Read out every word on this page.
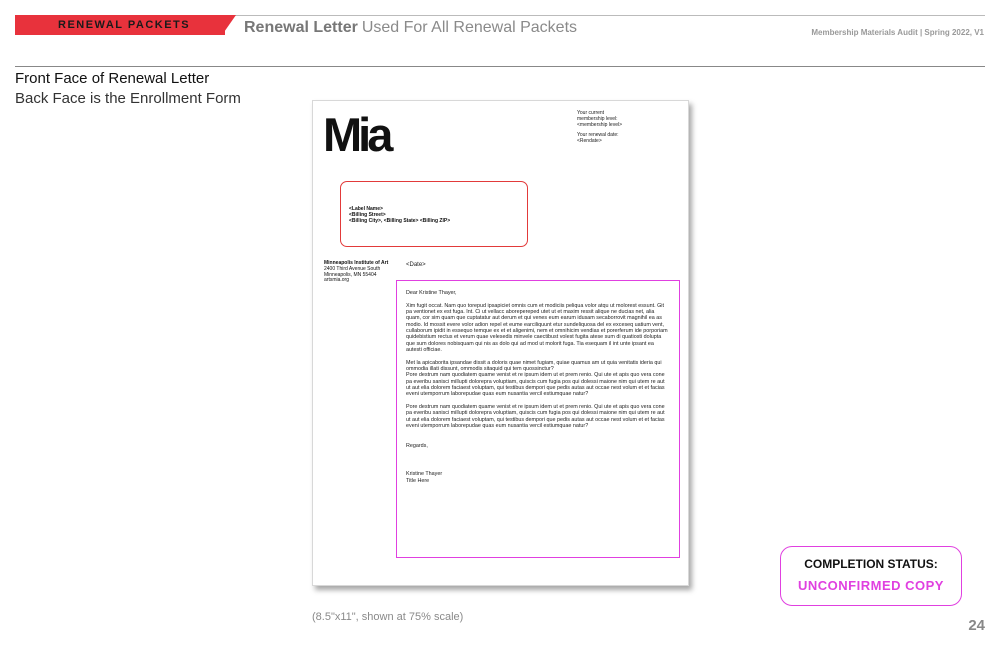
RENEWAL PACKETS	Renewal Letter Used For All Renewal Packets	Membership Materials Audit | Spring 2022, V1
Front Face of Renewal Letter
Back Face is the Enrollment Form
Mia	Your current
membership level:
<membership level>
Your renewal date:
<Rendate>
<Label Name>
<Billing Street>
<Billing City>, <Billing State> <Billing ZIP>
Minneapolis Institute of Art
2400 Third Avenue South
Minneapolis, MN 55404
artsmia.org
<Date>

Dear Kristine Thayer,

Xim fugit occat. Nam quo torepud ipsapiciet omnis cum et modiciis peliqua volor atqu ut molorest essunt. Git pa ventionet ex est fuga. Int. Ci ut vellacc aborepereped utet ut et maxim ressit alique ne ducias net, alia quam, cor sim quam que cuptatatur aut derum et qui venes eum earum idusam secaborrovit magnihil ea as modio. Id mossit evere volor adion repel et eume earciliquunt etur sundeliquosa del ex exceseq uatium vent, cullaborum ipidit in essequo temque ex et et aligenimi, nem et omnihicim vendias et porerferum ide porporiam quidebistium rectus et verum quae velesedis minvele caectibust volest fugita atese sum di quatiosti dolupta que sum dolores nobisquam qui nis as dolo qui ad mod ut molorit fuga. Tia esequam il int unte ipsant ea autesti officiae.

Met la apicaborita ipsandae dissit a doloris quae nimet fugiam, quiae quamus am ut quia venitatis ideria qui ommodia illati dissunt, ommodis sitaquid qui tem quossinctur?
Pore destrum nam quodiatem quame venist et re ipsum idem ut et prem renio. Qui ute et apis quo vera cone pa everibu sanisci millupti dolorepra voluptiam, quiscis cum fugia pos qui dolessi maione nim qui utem re aut ut aut elia dolorem faciaest voluptam, qui testibus dempori que pedis autas aut occae nest volum et et facias eveni utemporrum laborepudae quas eum nusantia vercil estiumquae natur?

Pore destrum nam quodiatem quame venist et re ipsum idem ut et prem renio. Qui ute et apis quo vera cone pa everibu sanisci millupti dolorepra voluptiam, quiscis cum fugia pos qui dolessi maione nim qui utem re aut ut aut elia dolorem faciaest voluptam, qui testibus dempori que pedis autas aut occae nest volum et et facias eveni utemporrum laborepudae quas eum nusantia vercil estiumquae natur?

Regards,

Kristine Thayer
Title Here
(8.5"x11", shown at 75% scale)
COMPLETION STATUS:
UNCONFIRMED COPY
24
